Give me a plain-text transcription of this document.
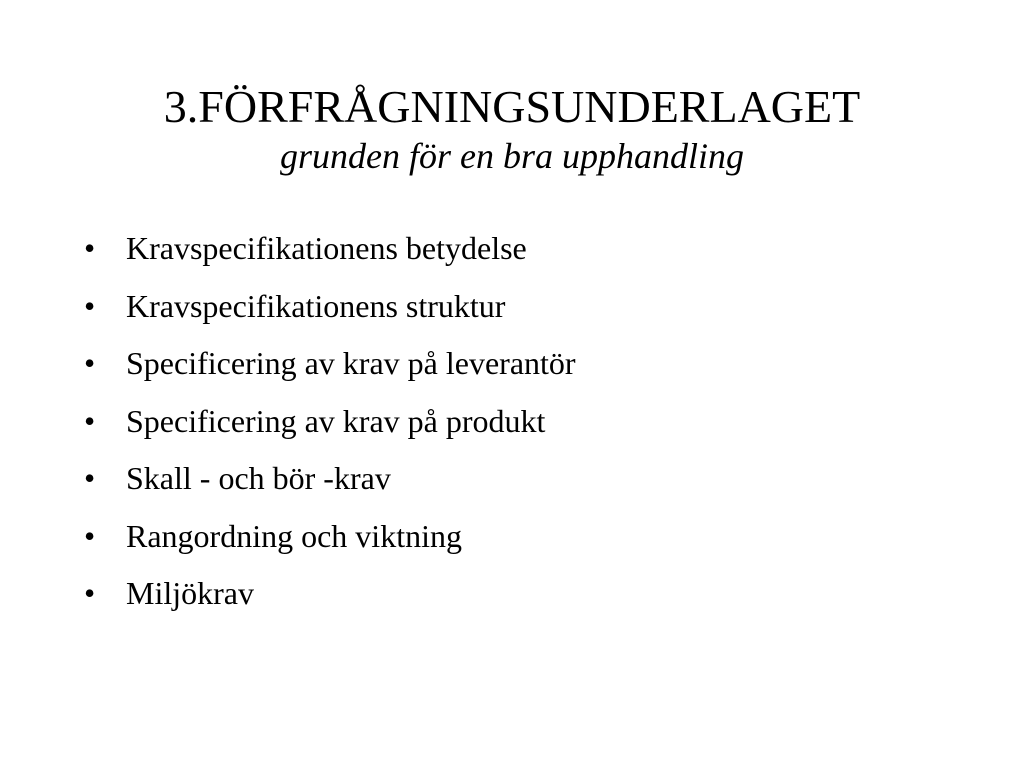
3.FÖRFRÅGNINGSUNDERLAGET
grunden för en bra upphandling
• Kravspecifikationens betydelse
• Kravspecifikationens struktur
• Specificering av krav på leverantör
• Specificering av krav på produkt
• Skall - och bör -krav
• Rangordning och viktning
• Miljökrav
